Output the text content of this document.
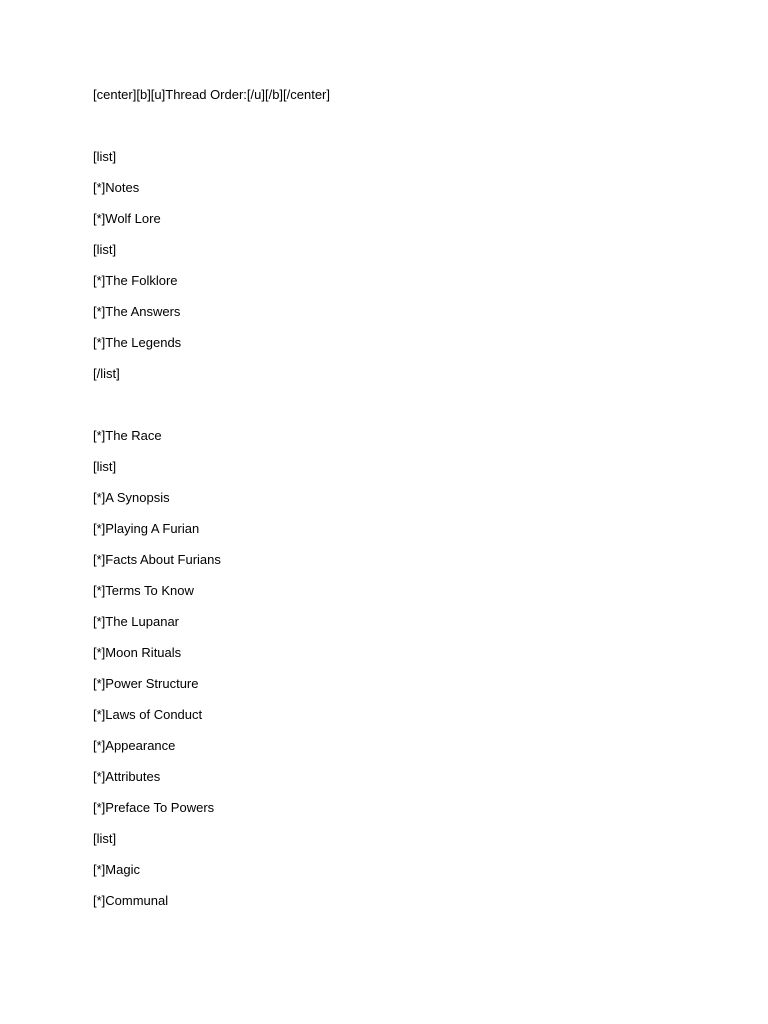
[center][b][u]Thread Order:[/u][/b][/center]
[list]
[*]Notes
[*]Wolf Lore
[list]
[*]The Folklore
[*]The Answers
[*]The Legends
[/list]
[*]The Race
[list]
[*]A Synopsis
[*]Playing A Furian
[*]Facts About Furians
[*]Terms To Know
[*]The Lupanar
[*]Moon Rituals
[*]Power Structure
[*]Laws of Conduct
[*]Appearance
[*]Attributes
[*]Preface To Powers
[list]
[*]Magic
[*]Communal
